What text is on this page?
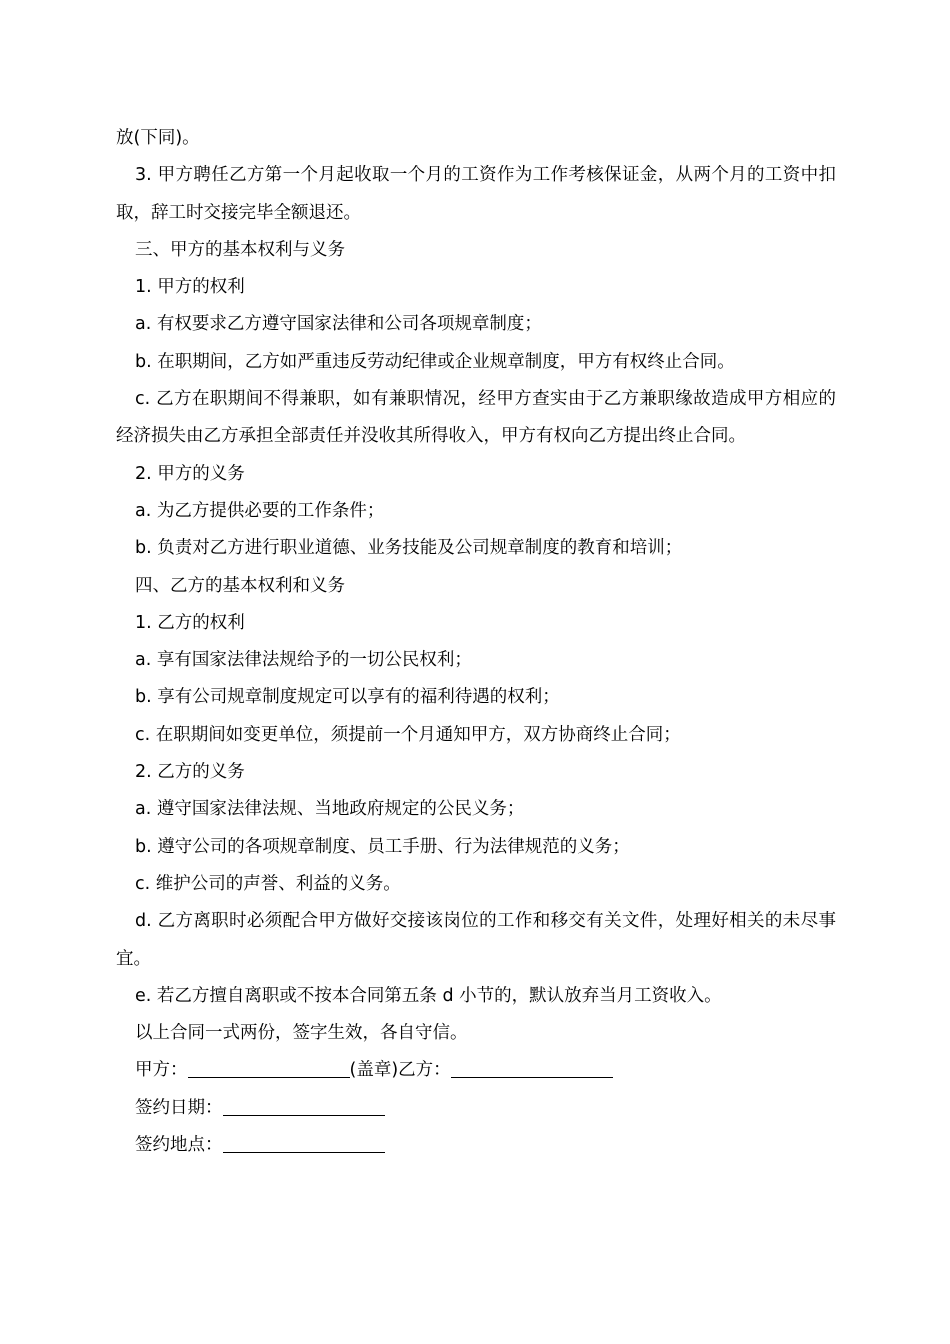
放(下同)。

3. 甲方聘任乙方第一个月起收取一个月的工资作为工作考核保证金，从两个月的工资中扣取，辞工时交接完毕全额退还。

三、甲方的基本权利与义务

1. 甲方的权利

a. 有权要求乙方遵守国家法律和公司各项规章制度；

b. 在职期间，乙方如严重违反劳动纪律或企业规章制度，甲方有权终止合同。

c. 乙方在职期间不得兼职，如有兼职情况，经甲方查实由于乙方兼职缘故造成甲方相应的经济损失由乙方承担全部责任并没收其所得收入，甲方有权向乙方提出终止合同。

2. 甲方的义务

a. 为乙方提供必要的工作条件；

b. 负责对乙方进行职业道德、业务技能及公司规章制度的教育和培训；

四、乙方的基本权利和义务

1. 乙方的权利

a. 享有国家法律法规给予的一切公民权利；

b. 享有公司规章制度规定可以享有的福利待遇的权利；

c. 在职期间如变更单位，须提前一个月通知甲方，双方协商终止合同；

2. 乙方的义务

a. 遵守国家法律法规、当地政府规定的公民义务；

b. 遵守公司的各项规章制度、员工手册、行为法律规范的义务；

c. 维护公司的声誉、利益的义务。

d. 乙方离职时必须配合甲方做好交接该岗位的工作和移交有关文件，处理好相关的未尽事宜。

e. 若乙方擅自离职或不按本合同第五条 d 小节的，默认放弃当月工资收入。

以上合同一式两份，签字生效，各自守信。

甲方：	(盖章)乙方：

签约日期：

签约地点：
